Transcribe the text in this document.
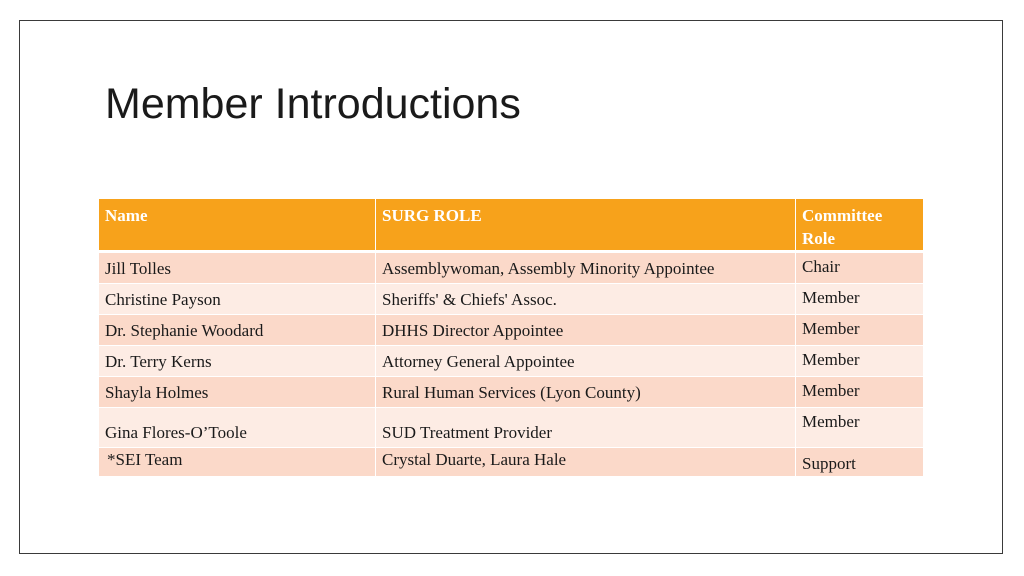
Member Introductions
Name	SURG ROLE	Committee
Role
Jill Tolles	Assemblywoman, Assembly Minority Appointee	Chair
Christine Payson	Sheriffs' & Chiefs' Assoc.	Member
Dr. Stephanie Woodard	DHHS Director Appointee	Member
Dr. Terry Kerns	Attorney General Appointee	Member
Shayla Holmes	Rural Human Services (Lyon County)	Member
Gina Flores-O’Toole	SUD Treatment Provider	Member
*SEI Team	Crystal Duarte, Laura Hale	Support
